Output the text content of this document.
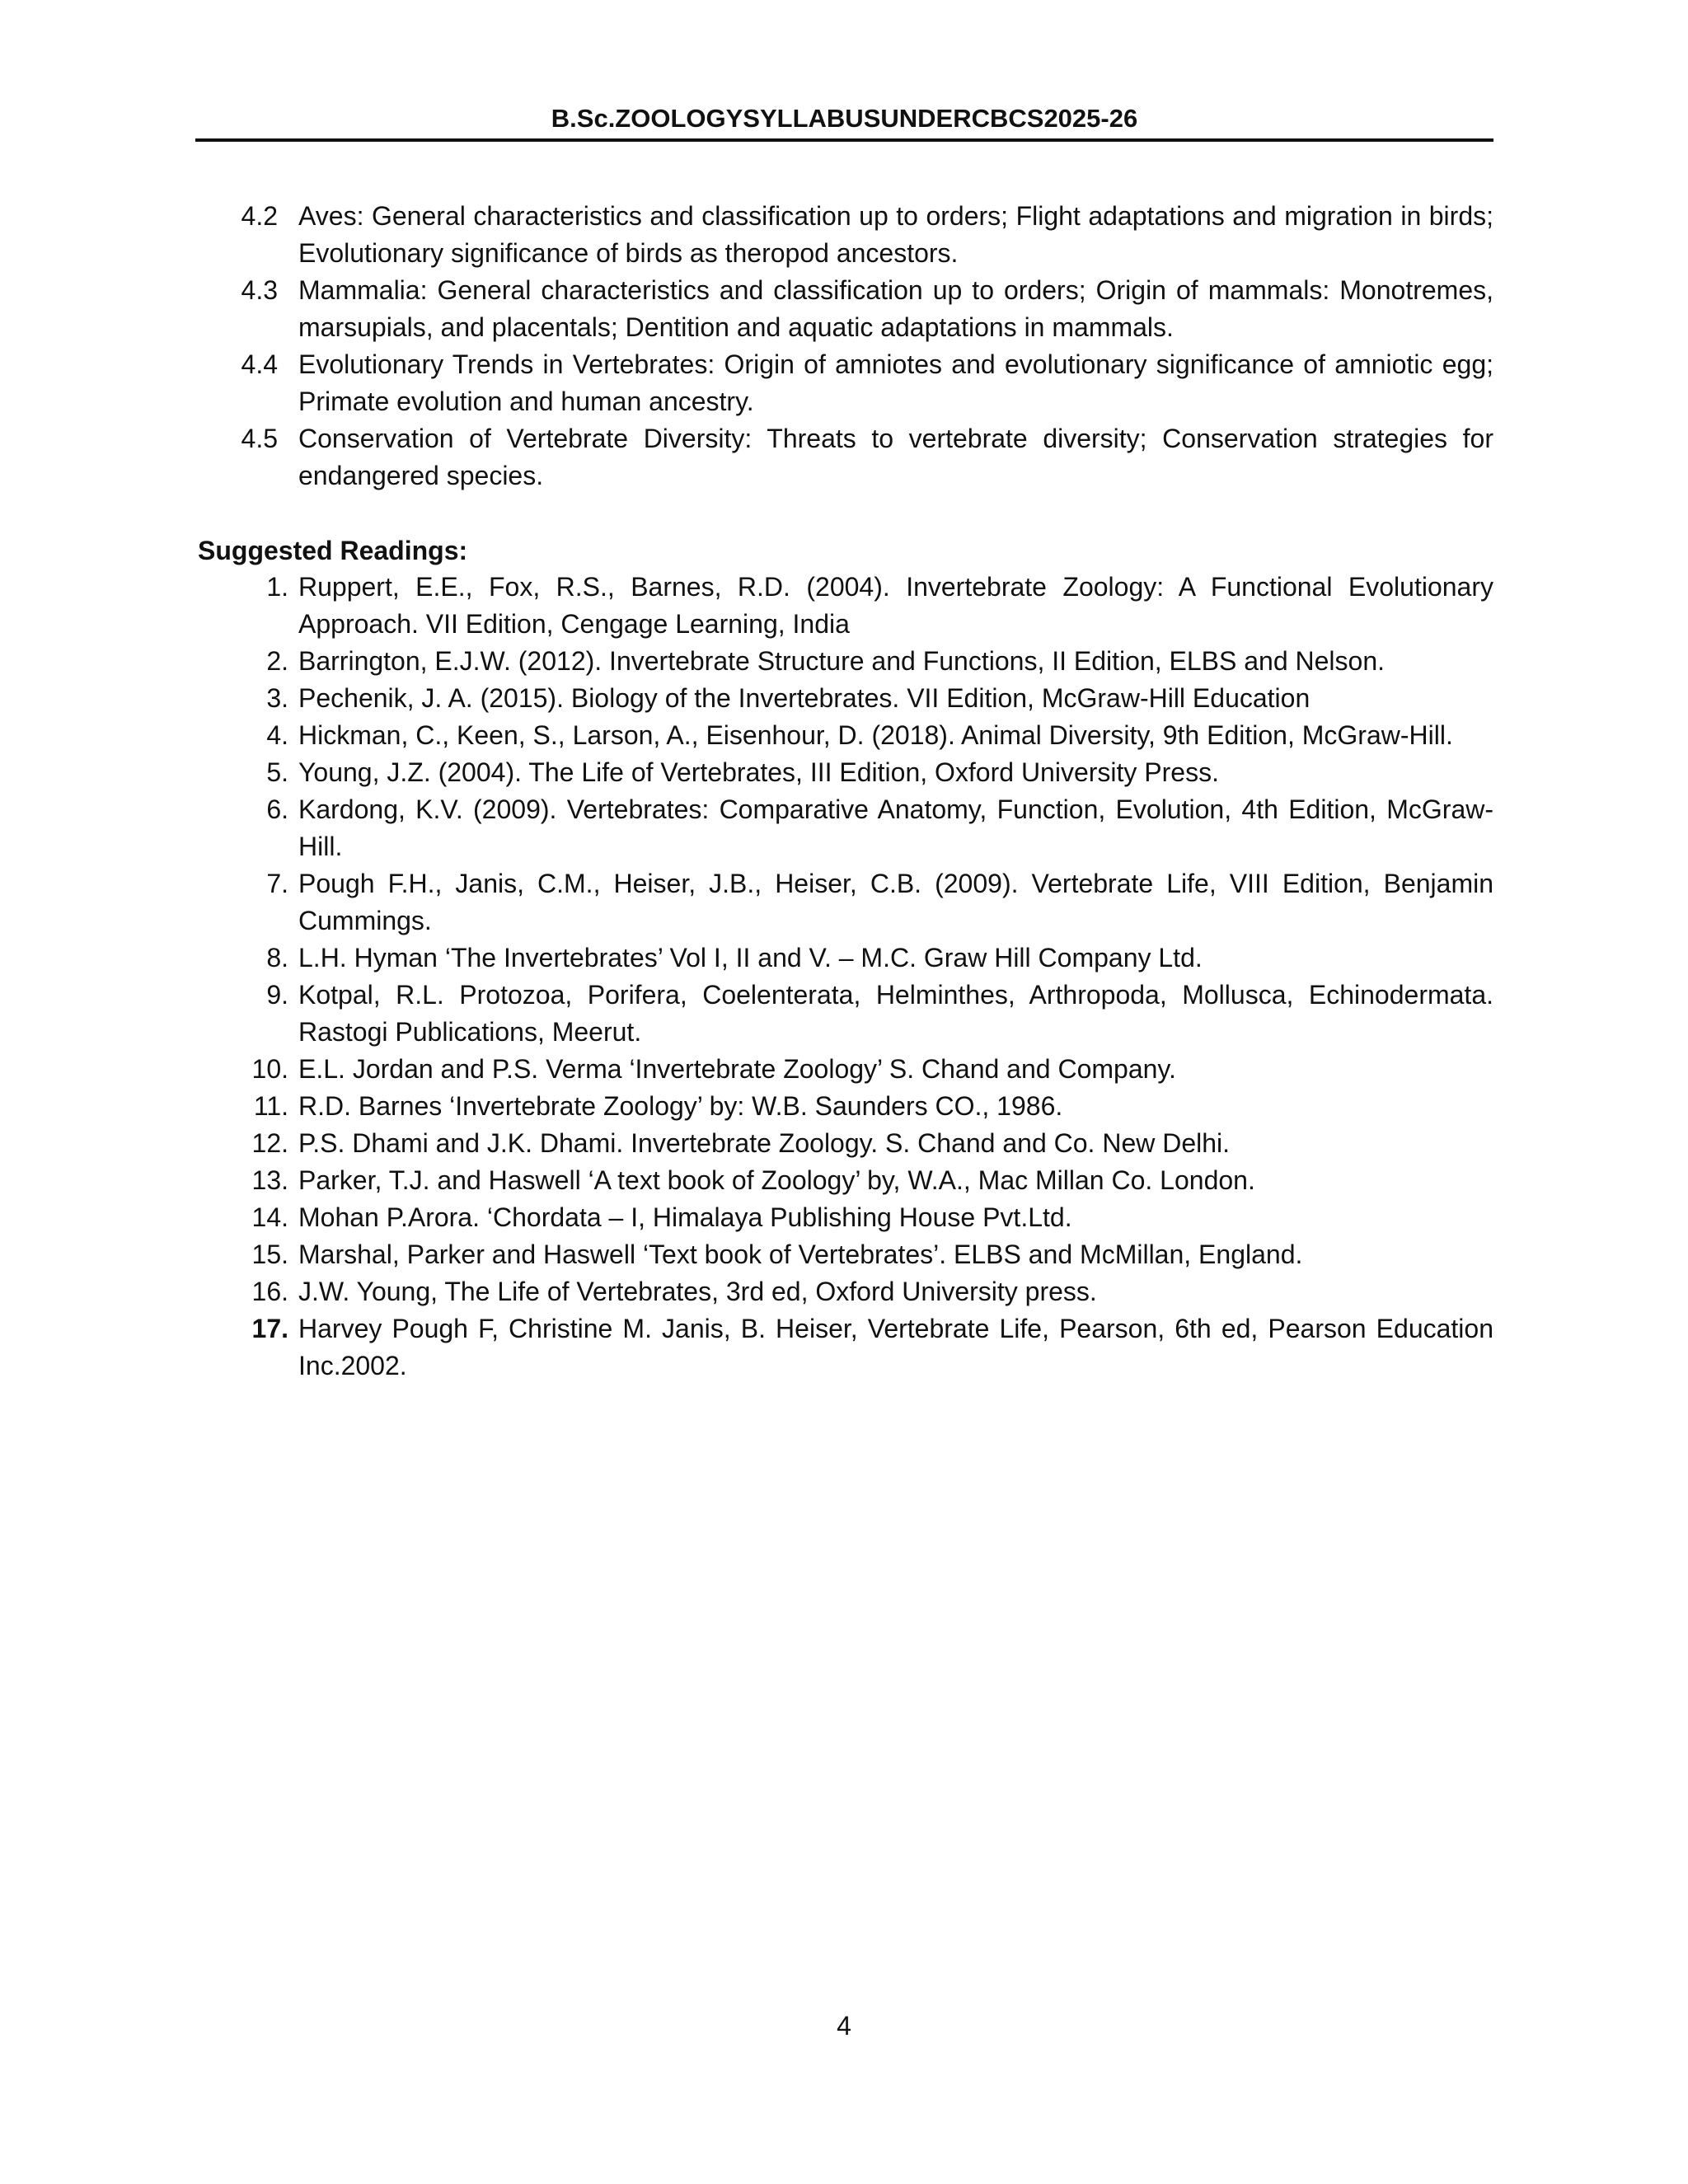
B.Sc.ZOOLOGYSYLLABUSUNDERCBCS2025-26
4.2 Aves: General characteristics and classification up to orders; Flight adaptations and migration in birds; Evolutionary significance of birds as theropod ancestors.
4.3 Mammalia: General characteristics and classification up to orders; Origin of mammals: Monotremes, marsupials, and placentals; Dentition and aquatic adaptations in mammals.
4.4 Evolutionary Trends in Vertebrates: Origin of amniotes and evolutionary significance of amniotic egg; Primate evolution and human ancestry.
4.5 Conservation of Vertebrate Diversity: Threats to vertebrate diversity; Conservation strategies for endangered species.
Suggested Readings:
1. Ruppert, E.E., Fox, R.S., Barnes, R.D. (2004). Invertebrate Zoology: A Functional Evolutionary Approach. VII Edition, Cengage Learning, India
2. Barrington, E.J.W. (2012). Invertebrate Structure and Functions, II Edition, ELBS and Nelson.
3. Pechenik, J. A. (2015). Biology of the Invertebrates. VII Edition, McGraw-Hill Education
4. Hickman, C., Keen, S., Larson, A., Eisenhour, D. (2018). Animal Diversity, 9th Edition, McGraw-Hill.
5. Young, J.Z. (2004). The Life of Vertebrates, III Edition, Oxford University Press.
6. Kardong, K.V. (2009). Vertebrates: Comparative Anatomy, Function, Evolution, 4th Edition, McGraw-Hill.
7. Pough F.H., Janis, C.M., Heiser, J.B., Heiser, C.B. (2009). Vertebrate Life, VIII Edition, Benjamin Cummings.
8. L.H. Hyman ‘The Invertebrates’ Vol I, II and V. – M.C. Graw Hill Company Ltd.
9. Kotpal, R.L. Protozoa, Porifera, Coelenterata, Helminthes, Arthropoda, Mollusca, Echinodermata. Rastogi Publications, Meerut.
10. E.L. Jordan and P.S. Verma ‘Invertebrate Zoology’ S. Chand and Company.
11. R.D. Barnes ‘Invertebrate Zoology’ by: W.B. Saunders CO., 1986.
12. P.S. Dhami and J.K. Dhami. Invertebrate Zoology. S. Chand and Co. New Delhi.
13. Parker, T.J. and Haswell ‘A text book of Zoology’ by, W.A., Mac Millan Co. London.
14. Mohan P.Arora. ‘Chordata – I, Himalaya Publishing House Pvt.Ltd.
15. Marshal, Parker and Haswell ‘Text book of Vertebrates’. ELBS and McMillan, England.
16. J.W. Young, The Life of Vertebrates, 3rd ed, Oxford University press.
17. Harvey Pough F, Christine M. Janis, B. Heiser, Vertebrate Life, Pearson, 6th ed, Pearson Education Inc.2002.
4
